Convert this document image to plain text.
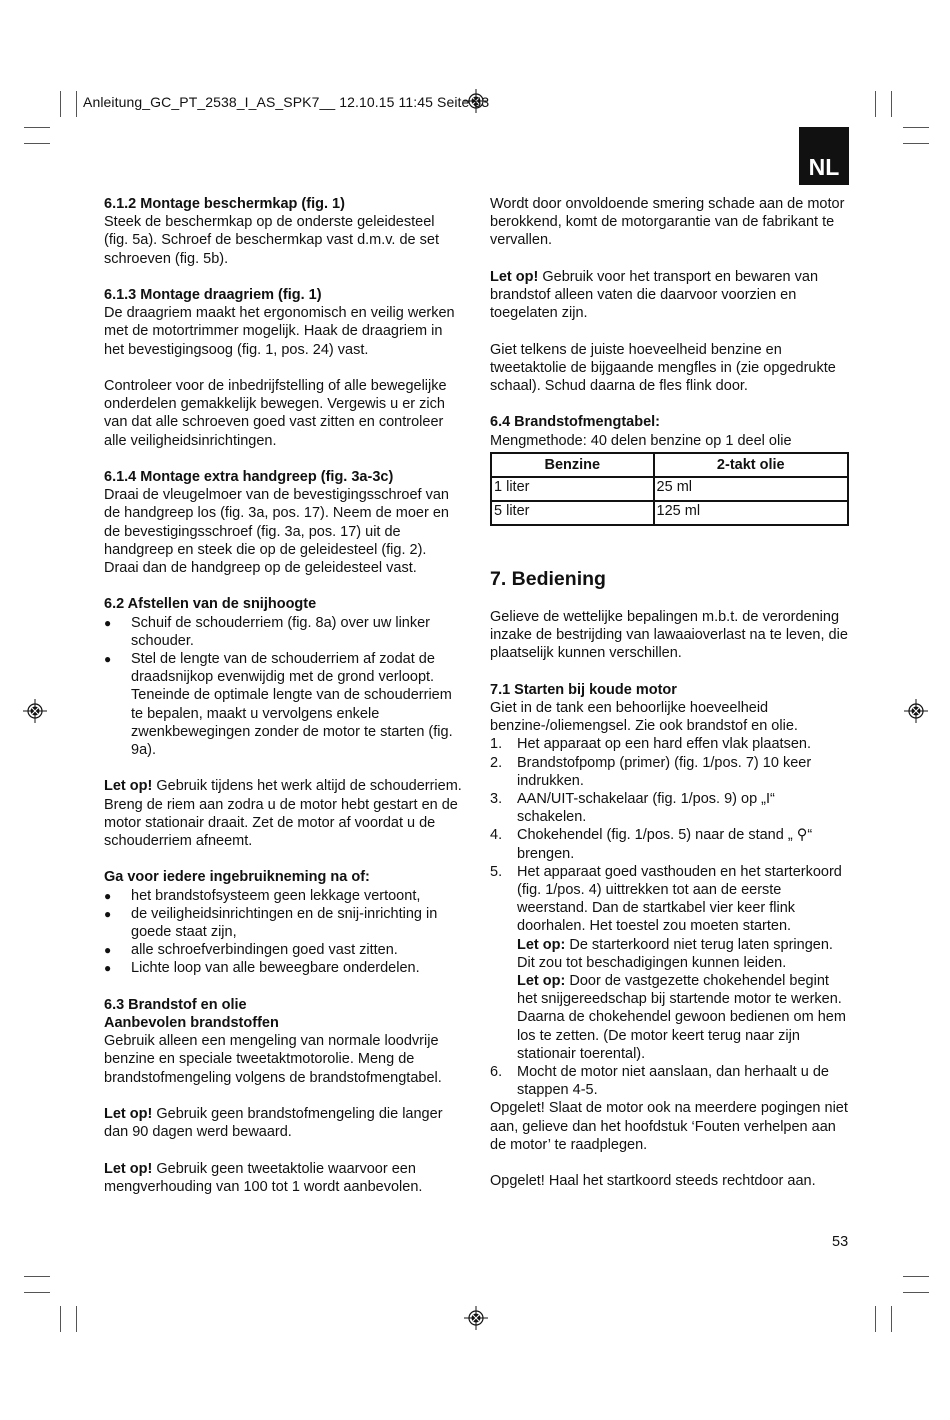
Anleitung_GC_PT_2538_I_AS_SPK7__ 12.10.15 11:45 Seite 53
NL
6.1.2 Montage beschermkap (fig. 1)

Steek de beschermkap op de onderste geleidesteel (fig. 5a). Schroef de beschermkap vast d.m.v. de set schroeven (fig. 5b).

6.1.3 Montage draagriem (fig. 1)

De draagriem maakt het ergonomisch en veilig werken met de motortrimmer mogelijk. Haak de draagriem in het bevestigingsoog (fig. 1, pos. 24) vast.

Controleer voor de inbedrijfstelling of alle bewegelijke onderdelen gemakkelijk bewegen. Vergewis u er zich van dat alle schroeven goed vast zitten en controleer alle veiligheidsinrichtingen.

6.1.4 Montage extra handgreep (fig. 3a-3c)

Draai de vleugelmoer van de bevestigingsschroef van de handgreep los (fig. 3a, pos. 17). Neem de moer en de bevestigingsschroef (fig. 3a, pos. 17) uit de handgreep en steek die op de geleidesteel (fig. 2). Draai dan de handgreep op de geleidesteel vast.

6.2 Afstellen van de snijhoogte
● Schuif de schouderriem (fig. 8a) over uw linker schouder.
● Stel de lengte van de schouderriem af zodat de draadsnijkop evenwijdig met de grond verloopt. Teneinde de optimale lengte van de schouderriem te bepalen, maakt u vervolgens enkele zwenkbewegingen zonder de motor te starten (fig. 9a).

Let op! Gebruik tijdens het werk altijd de schouderriem. Breng de riem aan zodra u de motor hebt gestart en de motor stationair draait. Zet de motor af voordat u de schouderriem afneemt.

Ga voor iedere ingebruikneming na of:
● het brandstofsysteem geen lekkage vertoont,
● de veiligheidsinrichtingen en de snij-inrichting in goede staat zijn,
● alle schroefverbindingen goed vast zitten.
● Lichte loop van alle beweegbare onderdelen.
6.3 Brandstof en olie
Aanbevolen brandstoffen

Gebruik alleen een mengeling van normale loodvrije benzine en speciale tweetaktmotorolie. Meng de brandstofmengeling volgens de brandstofmengtabel.

Let op! Gebruik geen brandstofmengeling die langer dan 90 dagen werd bewaard.

Let op! Gebruik geen tweetaktolie waarvoor een mengverhouding van 100 tot 1 wordt aanbevolen.

Wordt door onvoldoende smering schade aan de motor berokkend, komt de motorgarantie van de fabrikant te vervallen.

Let op! Gebruik voor het transport en bewaren van brandstof alleen vaten die daarvoor voorzien en toegelaten zijn.

Giet telkens de juiste hoeveelheid benzine en tweetaktolie de bijgaande mengfles in (zie opgedrukte schaal). Schud daarna de fles flink door.

6.4 Brandstofmengtabel:
Mengmethode: 40 delen benzine op 1 deel olie
Benzine	2-takt olie
1 liter	25 ml
5 liter	125 ml
7. Bediening

Gelieve de wettelijke bepalingen m.b.t. de verordening inzake de bestrijding van lawaaioverlast na te leven, die plaatselijk kunnen verschillen.

7.1 Starten bij koude motor
Giet in de tank een behoorlijke hoeveelheid benzine-/oliemengsel. Zie ook brandstof en olie.
1. Het apparaat op een hard effen vlak plaatsen.
2. Brandstofpomp (primer) (fig. 1/pos. 7) 10 keer indrukken.
3. AAN/UIT-schakelaar (fig. 1/pos. 9) op „I“ schakelen.
4. Chokehendel (fig. 1/pos. 5) naar de stand „ ⚲“ brengen.
5. Het apparaat goed vasthouden en het starterkoord (fig. 1/pos. 4) uittrekken tot aan de eerste weerstand. Dan de startkabel vier keer flink doorhalen. Het toestel zou moeten starten.
Let op: De starterkoord niet terug laten springen. Dit zou tot beschadigingen kunnen leiden.
Let op: Door de vastgezette chokehendel begint het snijgereedschap bij startende motor te werken.
Daarna de chokehendel gewoon bedienen om hem los te zetten. (De motor keert terug naar zijn stationair toerental).
6. Mocht de motor niet aanslaan, dan herhaalt u de stappen 4-5.

Opgelet! Slaat de motor ook na meerdere pogingen niet aan, gelieve dan het hoofdstuk ‘Fouten verhelpen aan de motor’ te raadplegen.

Opgelet! Haal het startkoord steeds rechtdoor aan.

53
